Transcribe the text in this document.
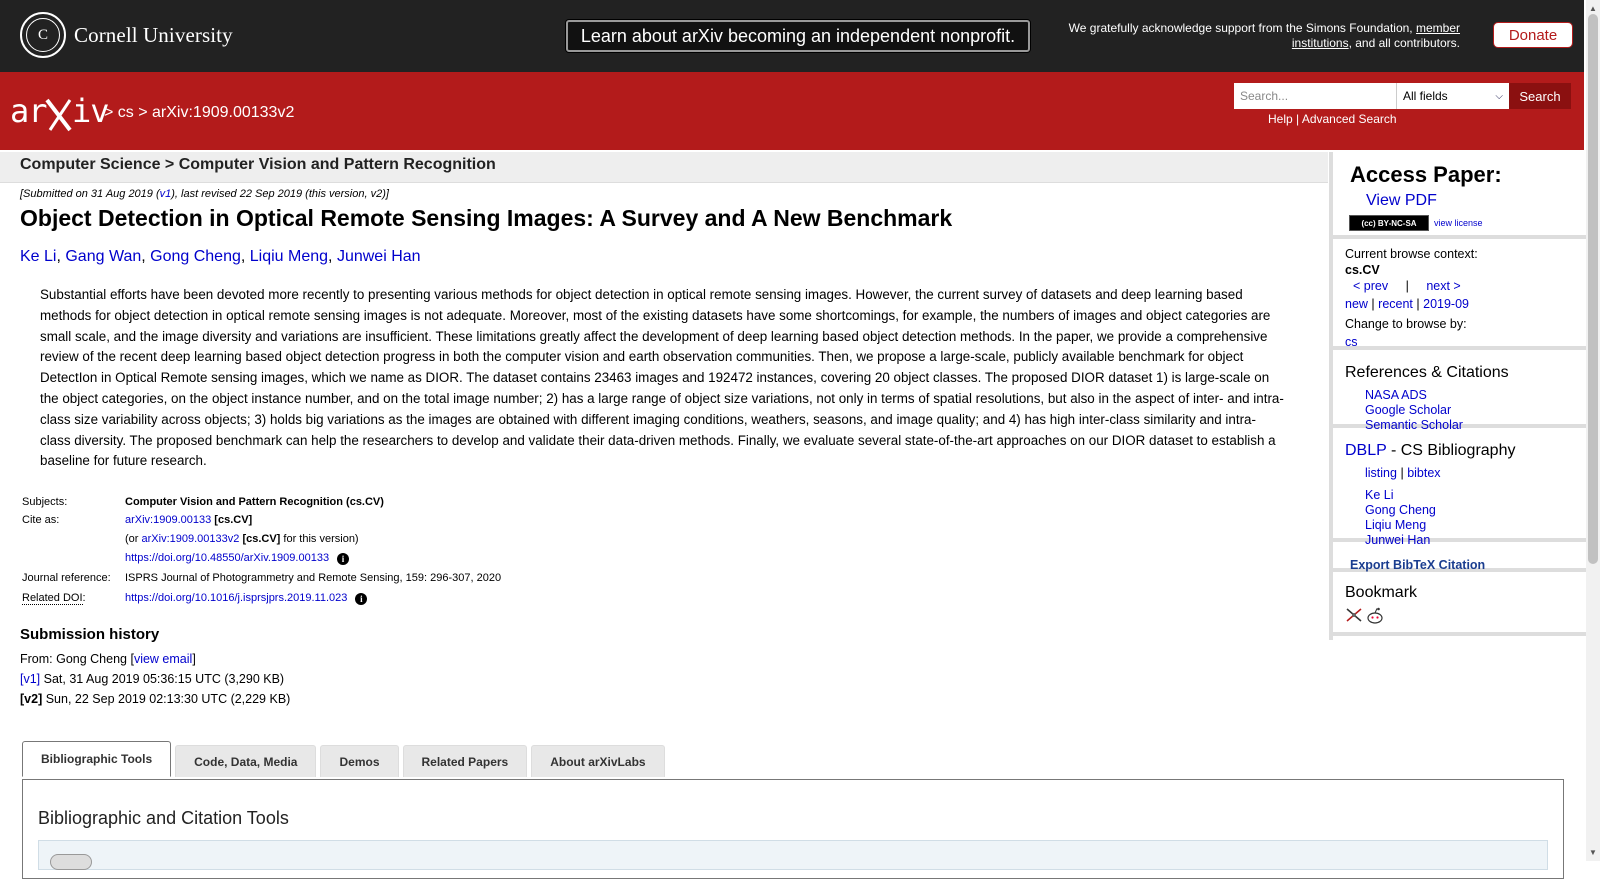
C	Cornell University	Learn about arXiv becoming an independent nonprofit.	We gratefully acknowledge support from the Simons Foundation, member
institutions, and all contributors.	Donate
ar iv
> cs > arXiv:1909.00133v2
Search...	All fields	⌵	Search
Help | Advanced Search
Computer Science > Computer Vision and Pattern Recognition
[Submitted on 31 Aug 2019 (v1), last revised 22 Sep 2019 (this version, v2)]
Object Detection in Optical Remote Sensing Images: A Survey and A New Benchmark
Ke Li, Gang Wan, Gong Cheng, Liqiu Meng, Junwei Han

Substantial efforts have been devoted more recently to presenting various methods for object detection in optical remote sensing images. However, the current survey of datasets and deep learning based methods for object detection in optical remote sensing images is not adequate. Moreover, most of the existing datasets have some shortcomings, for example, the numbers of images and object categories are small scale, and the image diversity and variations are insufficient. These limitations greatly affect the development of deep learning based object detection methods. In the paper, we provide a comprehensive review of the recent deep learning based object detection progress in both the computer vision and earth observation communities. Then, we propose a large-scale, publicly available benchmark for object DetectIon in Optical Remote sensing images, which we name as DIOR. The dataset contains 23463 images and 192472 instances, covering 20 object classes. The proposed DIOR dataset 1) is large-scale on the object categories, on the object instance number, and on the total image number; 2) has a large range of object size variations, not only in terms of spatial resolutions, but also in the aspect of inter- and intra-class size variability across objects; 3) holds big variations as the images are obtained with different imaging conditions, weathers, seasons, and image quality; and 4) has high inter-class similarity and intra-class diversity. The proposed benchmark can help the researchers to develop and validate their data-driven methods. Finally, we evaluate several state-of-the-art approaches on our DIOR dataset to establish a baseline for future research.

Subjects:	Computer Vision and Pattern Recognition (cs.CV)
Cite as:	arXiv:1909.00133 [cs.CV]
(or arXiv:1909.00133v2 [cs.CV] for this version)
https://doi.org/10.48550/arXiv.1909.00133 i
Journal reference: ISPRS Journal of Photogrammetry and Remote Sensing, 159: 296-307, 2020
Related DOI:	https://doi.org/10.1016/j.isprsjprs.2019.11.023 i
Submission history
From: Gong Cheng [view email]
[v1] Sat, 31 Aug 2019 05:36:15 UTC (3,290 KB)
[v2] Sun, 22 Sep 2019 02:13:30 UTC (2,229 KB)
Bibliographic Tools	Code, Data, Media	Demos	Related Papers	About arXivLabs
Bibliographic and Citation Tools
Access Paper:
View PDF
(cc) BY-NC-SA view license
Current browse context:
cs.CV
< prev | next >
new | recent | 2019-09
Change to browse by:
cs
References & Citations
NASA ADS
Google Scholar
Semantic Scholar
DBLP - CS Bibliography
listing | bibtex
Ke Li
Gong Cheng
Liqiu Meng
Junwei Han
Export BibTeX Citation
Bookmark
▲
▼
